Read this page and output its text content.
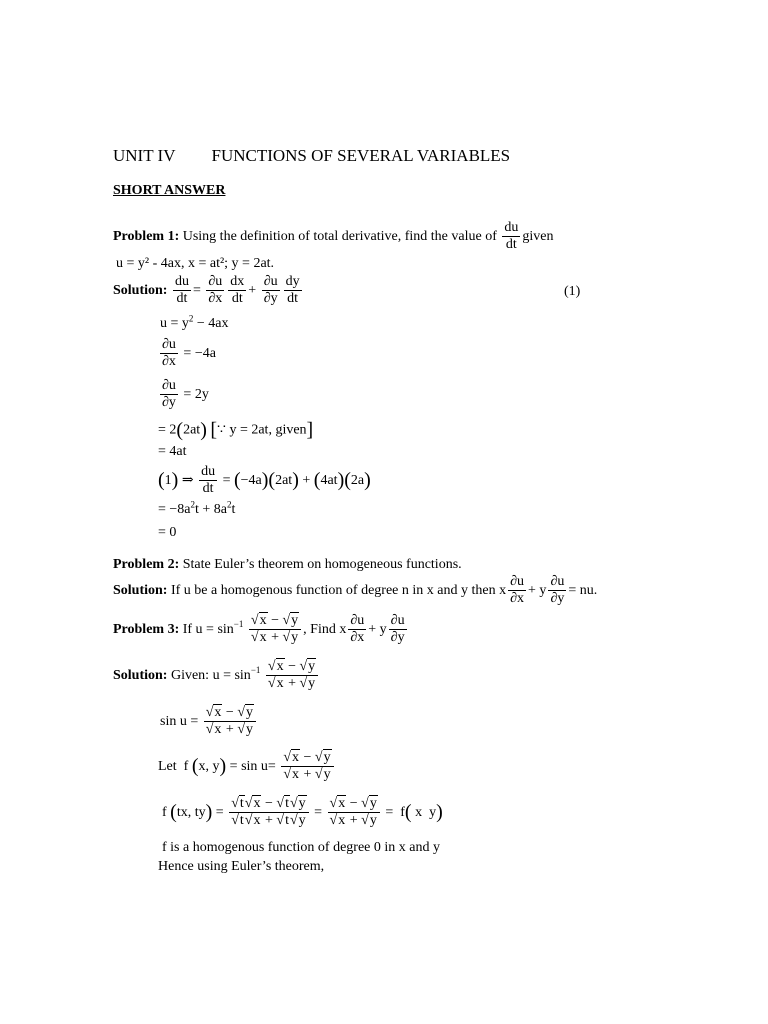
UNIT IV FUNCTIONS OF SEVERAL VARIABLES
SHORT ANSWER
Problem 1: Using the definition of total derivative, find the value of $\frac{du}{dt}$ given
u = y² - 4ax, x = at²; y = 2at.
Solution: $\frac{du}{dt} = \frac{\partial u}{\partial x} \frac{dx}{dt} + \frac{\partial u}{\partial y} \frac{dy}{dt}$	(1)
$u = y^2 - 4ax$
$\frac{\partial u}{\partial x} = -4a$
$\frac{\partial u}{\partial y} = 2y$
= 2(2at) [∵ y = 2at, given]
= 4at
(1) ⇒ $\frac{du}{dt} = (-4a)(2at) + (4at)(2a)$
= $-8a^2t + 8a^2t$
= 0
Problem 2: State Euler’s theorem on homogeneous functions.
Solution: If u be a homogenous function of degree n in x and y then x $\frac{\partial u}{\partial x} + y \frac{\partial u}{\partial y}$ = nu.
Problem 3: If $u = \sin^{-1} \frac{√x - √y}{√x + √y}$ , Find x $\frac{\partial u}{\partial x} + y \frac{\partial u}{\partial y}$
Solution: Given: $u = \sin^{-1} \frac{√x - √y}{√x + √y}$
$\sin u = \frac{√x - √y}{√x + √y}$
Let  f (x, $y) = \sin u= \frac{√x - √y}{√x + √y}$
f (tx, $ty) = \frac{√t√x - √t√y}{√t√x + √t√y} = \frac{√x - √y}{√x + √y} = f$( x  y)
f is a homogenous function of degree 0 in x and y
Hence using Euler’s theorem,
